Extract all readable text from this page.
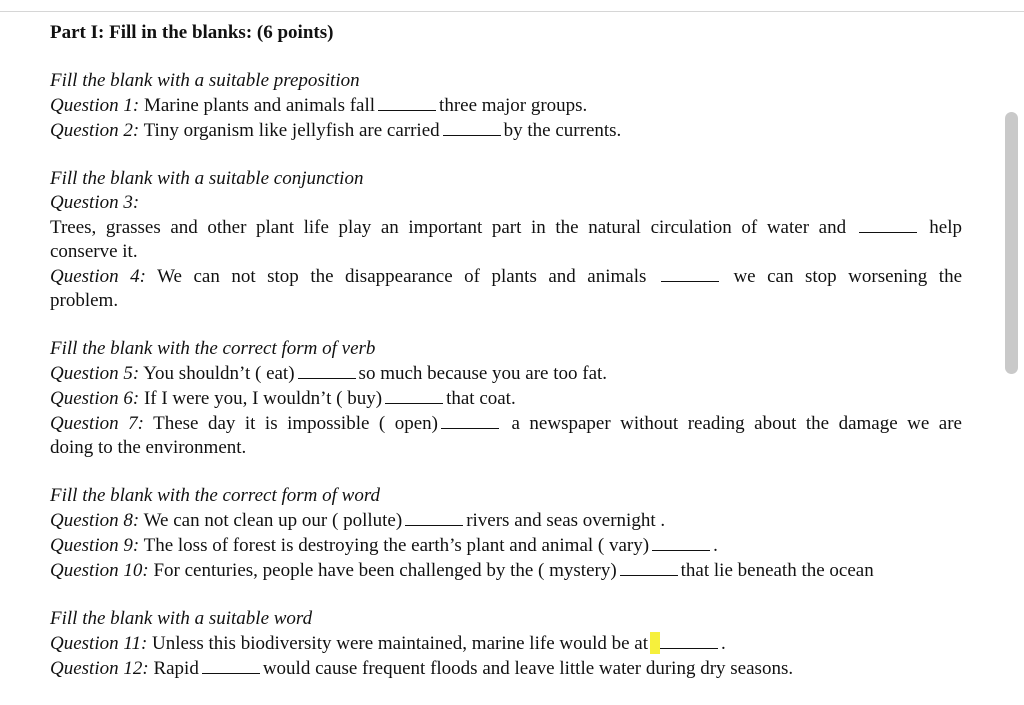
Part I: Fill in the blanks: (6 points)
Fill the blank with a suitable preposition
Question 1: Marine plants and animals fall	three major groups.
Question 2: Tiny organism like jellyfish are carried	by the currents.
Fill the blank with a suitable conjunction
Question 3:
Trees, grasses and other plant life play an important part in the natural circulation of water and	help
conserve it.
Question 4: We can not stop the disappearance of plants and animals	we can stop worsening the
problem.
Fill the blank with the correct form of verb
Question 5: You shouldn’t ( eat)	so much because you are too fat.
Question 6: If I were you, I wouldn’t ( buy)	that coat.
Question 7: These day it is impossible ( open)	a newspaper without reading about the damage we are
doing to the environment.
Fill the blank with the correct form of word
Question 8: We can not clean up our ( pollute)	rivers and seas overnight .
Question 9: The loss of forest is destroying the earth’s plant and animal ( vary)	.
Question 10: For centuries, people have been challenged by the ( mystery)	that lie beneath the ocean
Fill the blank with a suitable word
Question 11: Unless this biodiversity were maintained, marine life would be at	.
Question 12: Rapid	would cause frequent floods and leave little water during dry seasons.
